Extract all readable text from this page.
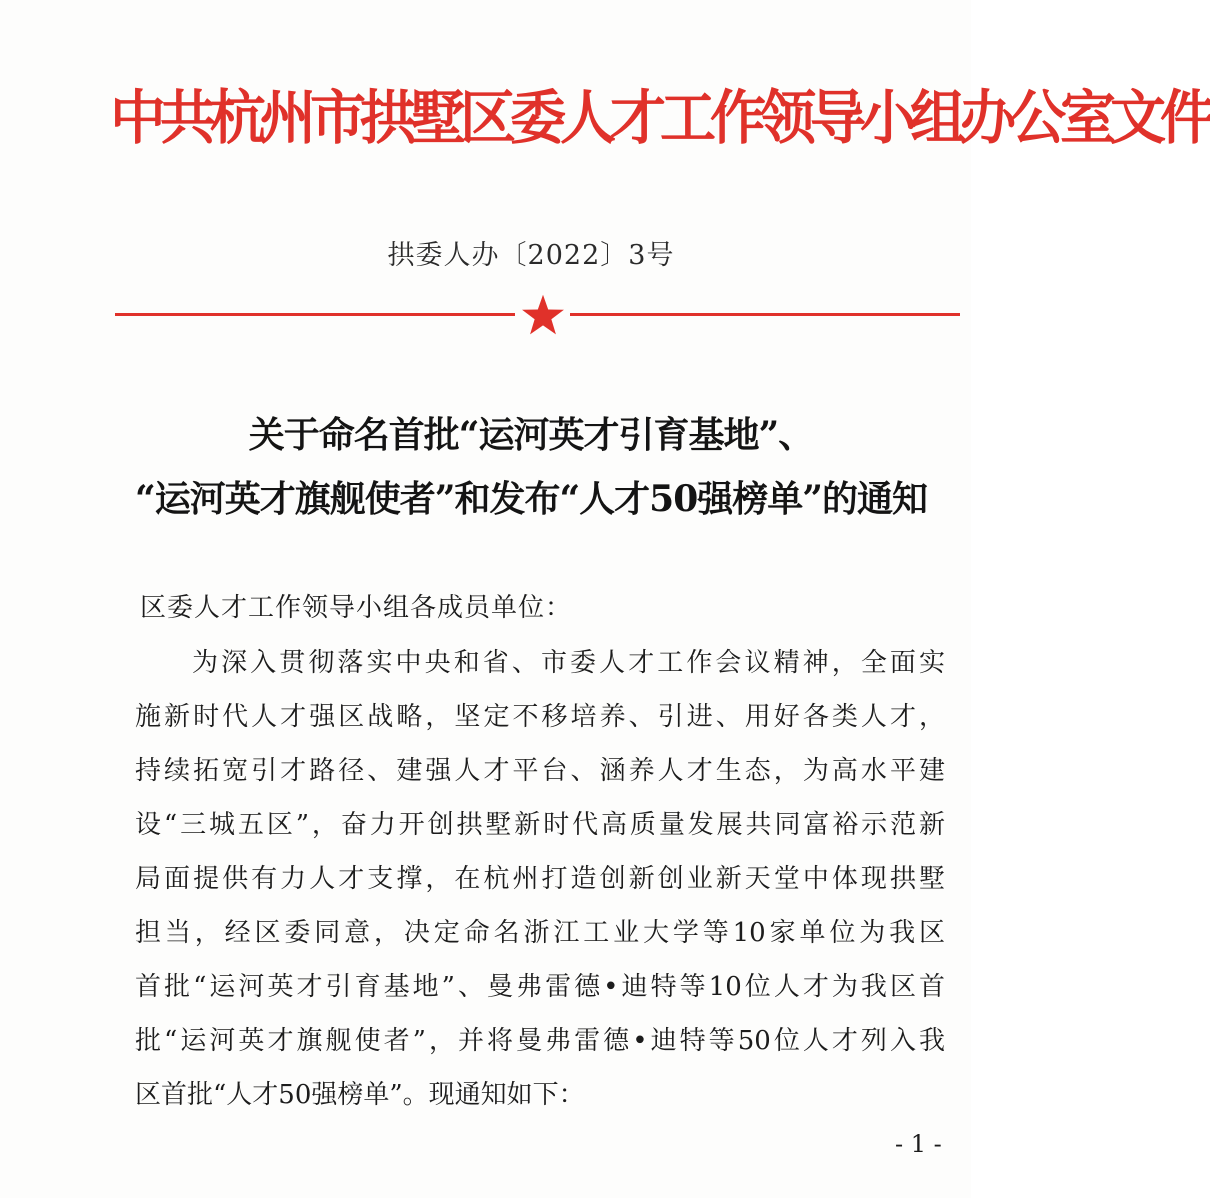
中共杭州市拱墅区委人才工作领导小组办公室文件
拱委人办〔2022〕3号
关于命名首批“运河英才引育基地”、
“运河英才旗舰使者”和发布“人才50强榜单”的通知
区委人才工作领导小组各成员单位：
为深入贯彻落实中央和省、市委人才工作会议精神，全面实
施新时代人才强区战略，坚定不移培养、引进、用好各类人才，
持续拓宽引才路径、建强人才平台、涵养人才生态，为高水平建
设“三城五区”，奋力开创拱墅新时代高质量发展共同富裕示范新
局面提供有力人才支撑，在杭州打造创新创业新天堂中体现拱墅
担当，经区委同意，决定命名浙江工业大学等10家单位为我区
首批“运河英才引育基地”、曼弗雷德•迪特等10位人才为我区首
批“运河英才旗舰使者”，并将曼弗雷德•迪特等50位人才列入我
区首批“人才50强榜单”。现通知如下：
- 1 -
